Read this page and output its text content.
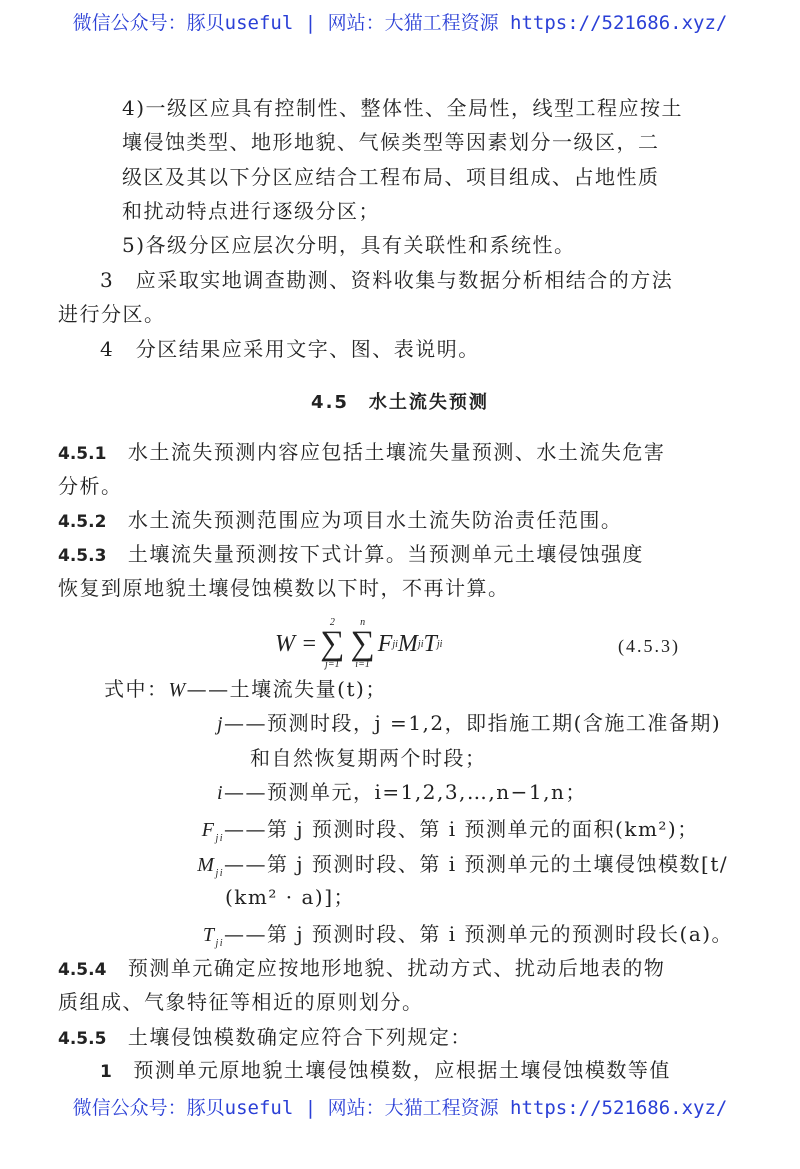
微信公众号：豚贝useful | 网站：大猫工程资源 https://521686.xyz/
4)一级区应具有控制性、整体性、全局性，线型工程应按土
壤侵蚀类型、地形地貌、气候类型等因素划分一级区，二
级区及其以下分区应结合工程布局、项目组成、占地性质
和扰动特点进行逐级分区；
5)各级分区应层次分明，具有关联性和系统性。
3　应采取实地调查勘测、资料收集与数据分析相结合的方法
进行分区。
4　分区结果应采用文字、图、表说明。
4.5　水土流失预测
4.5.1　 水土流失预测内容应包括土壤流失量预测、水土流失危害
分析。
4.5.2　 水土流失预测范围应为项目水土流失防治责任范围。
4.5.3　 土壤流失量预测按下式计算。当预测单元土壤侵蚀强度
恢复到原地貌土壤侵蚀模数以下时，不再计算。
W =
2
∑
j=1
n
∑
i=1
F ji M ji T ji	(4.5.3)
式中：W——土壤流失量(t)；
j——预测时段，j =1,2，即指施工期(含施工准备期)
和自然恢复期两个时段；
i——预测单元，i=1,2,3,…,n−1,n；
$F_{ji}——$第 j 预测时段、第 i 预测单元的面积(km²)；
$M_{ji}——$第 j 预测时段、第 i 预测单元的土壤侵蚀模数[t/
(km² · a)]；
$T_{ji}——$第 j 预测时段、第 i 预测单元的预测时段长(a)。
4.5.4　 预测单元确定应按地形地貌、扰动方式、扰动后地表的物
质组成、气象特征等相近的原则划分。
4.5.5　 土壤侵蚀模数确定应符合下列规定：
1　 预测单元原地貌土壤侵蚀模数，应根据土壤侵蚀模数等值
微信公众号：豚贝useful | 网站：大猫工程资源 https://521686.xyz/
